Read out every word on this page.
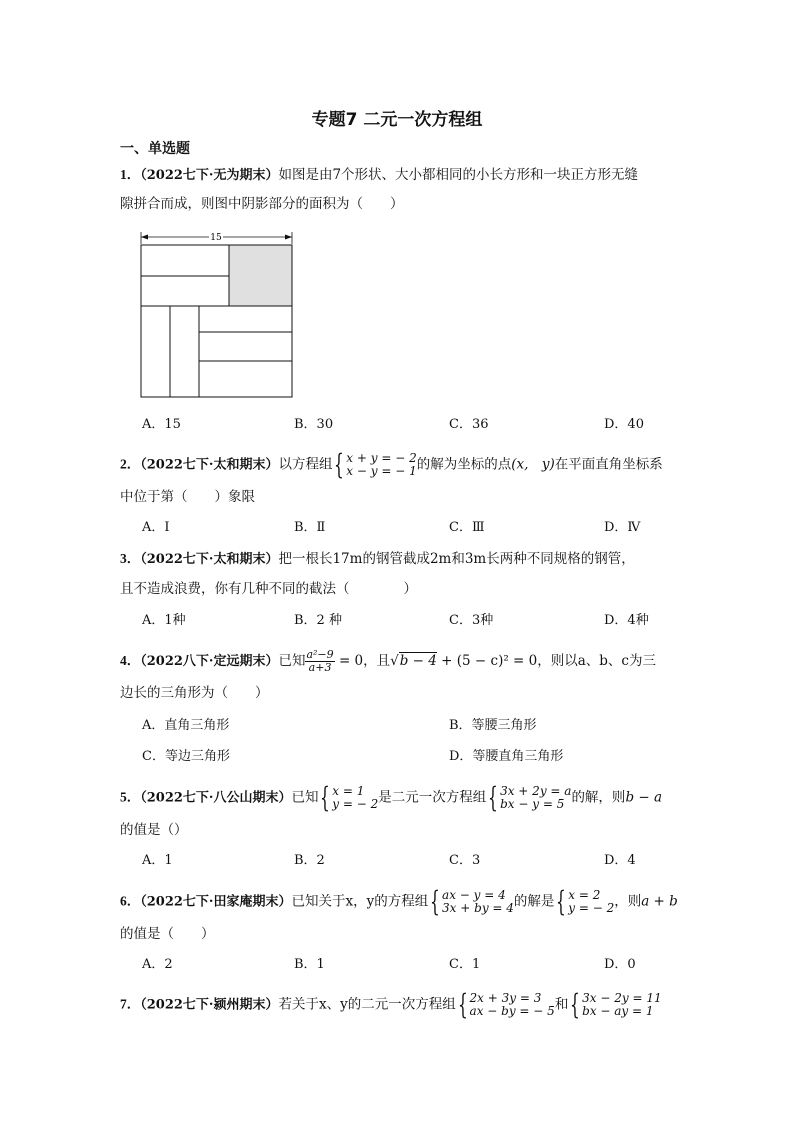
专题7 二元一次方程组
一、单选题
1．（2022七下·无为期末）如图是由7个形状、大小都相同的小长方形和一块正方形无缝
隙拼合而成，则图中阴影部分的面积为（　　）
15
A．15	B．30	C．36	D．40
2．（2022七下·太和期末）以方程组 { x + y = − 2
x − y = − 1 的解为坐标的点(x,　y)在平面直角坐标系
中位于第（　　）象限
A．Ⅰ	B．Ⅱ	C．Ⅲ	D．Ⅳ
3．（2022七下·太和期末）把一根长17m的钢管截成2m和3m长两种不同规格的钢管，
且不造成浪费，你有几种不同的截法（　　　　）
A．1种	B．2 种	C．3种	D．4种
4．（2022八下·定远期末）已知 $\frac{\text{a²−9}}{a+3} = 0$，且√b − 4 + (5 − c)² = 0，则以a、b、c为三
边长的三角形为（　　）
A．直角三角形	B．等腰三角形
C．等边三角形	D．等腰直角三角形
5．（2022七下·八公山期末）已知 { x = 1
y = − 2 是二元一次方程组 { 3x + 2y = a
bx − y = 5 的解，则b − a
的值是（）
A．1	B．2	C．3	D．4
6．（2022七下·田家庵期末）已知关于x，y的方程组 { ax − y = 4
3x + by = 4 的解是 { x = 2
y = − 2 ，则a + b
的值是（　　）
A．2	B．1	C．1	D．0
7．（2022七下·颍州期末）若关于x、y的二元一次方程组 { 2x + 3y = 3
ax − by = − 5 和 { 3x − 2y = 11
bx − ay = 1
